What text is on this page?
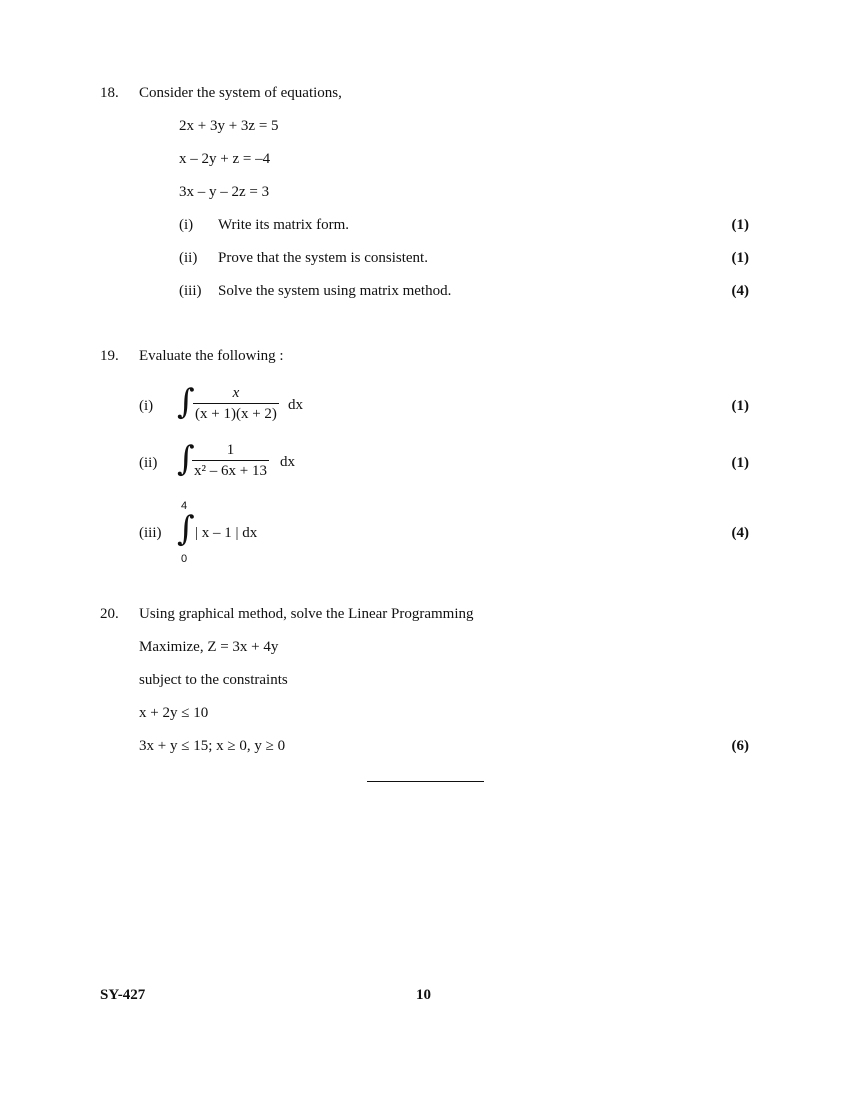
18. Consider the system of equations,
2x + 3y + 3z = 5
x – 2y + z = –4
3x – y – 2z = 3
(i) Write its matrix form.	(1)
(ii) Prove that the system is consistent.	(1)
(iii) Solve the system using matrix method.	(4)
19. Evaluate the following :
(i) ∫
$\frac{x}{(x + 1)(x + 2)}$ dx	(1)
(ii) ∫
$\frac{1}{\text{x² – 6x + 13}}$ dx	(1)
(iii)
4
∫
0
| x – 1 | dx	(4)
20. Using graphical method, solve the Linear Programming
Maximize, Z = 3x + 4y
subject to the constraints
x + 2y ≤ 10
3x + y ≤ 15; x ≥ 0, y ≥ 0	(6)
SY-427	10
